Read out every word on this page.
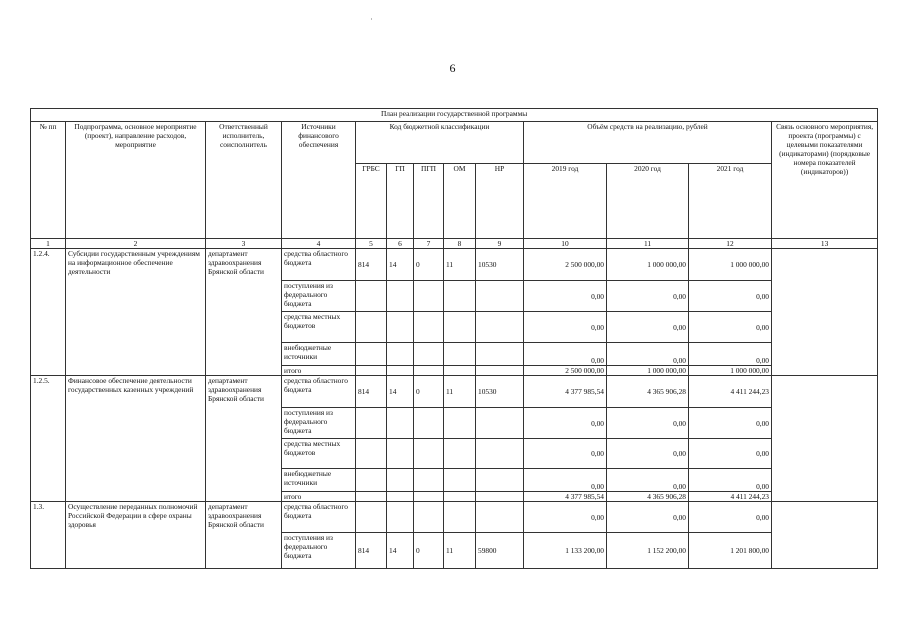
6
План реализации государственной программы												
№ пп	Подпрограмма, основное мероприятие (проект), направление расходов, мероприятие	Ответственный исполнитель, соисполнитель	Источники финансового обеспечения	Код бюджетной классификации					Объём средств на реализацию, рублей			Связь основного мероприятия, проекта (программы) с целевыми показателями (индикаторами) (порядковые номера показателей (индикаторов))
				ГРБС	ГП	ПГП	ОМ	НР	2019 год	2020 год	2021 год	
1	2	3	4	5	6	7	8	9	10	11	12	13
1.2.4.	Субсидии государственным учреждениям на информационное обеспечение деятельности	департамент здравоохранения Брянской области	средства областного бюджета	814	14	0	11	10530	2 500 000,00	1 000 000,00	1 000 000,00	
			поступления из федерального бюджета						0,00	0,00	0,00	
			средства местных бюджетов						0,00	0,00	0,00	
			внебюджетные источники						0,00	0,00	0,00	
			итого						2 500 000,00	1 000 000,00	1 000 000,00	
1.2.5.	Финансовое обеспечение деятельности государственных казенных учреждений	департамент здравоохранения Брянской области	средства областного бюджета	814	14	0	11	10530	4 377 985,54	4 365 906,28	4 411 244,23	
			поступления из федерального бюджета						0,00	0,00	0,00	
			средства местных бюджетов						0,00	0,00	0,00	
			внебюджетные источники						0,00	0,00	0,00	
			итого						4 377 985,54	4 365 906,28	4 411 244,23	
1.3.	Осуществление переданных полномочий Российской Федерации в сфере охраны здоровья	департамент здравоохранения Брянской области	средства областного бюджета						0,00	0,00	0,00	
			поступления из федерального бюджета	814	14	0	11	59800	1 133 200,00	1 152 200,00	1 201 800,00	
